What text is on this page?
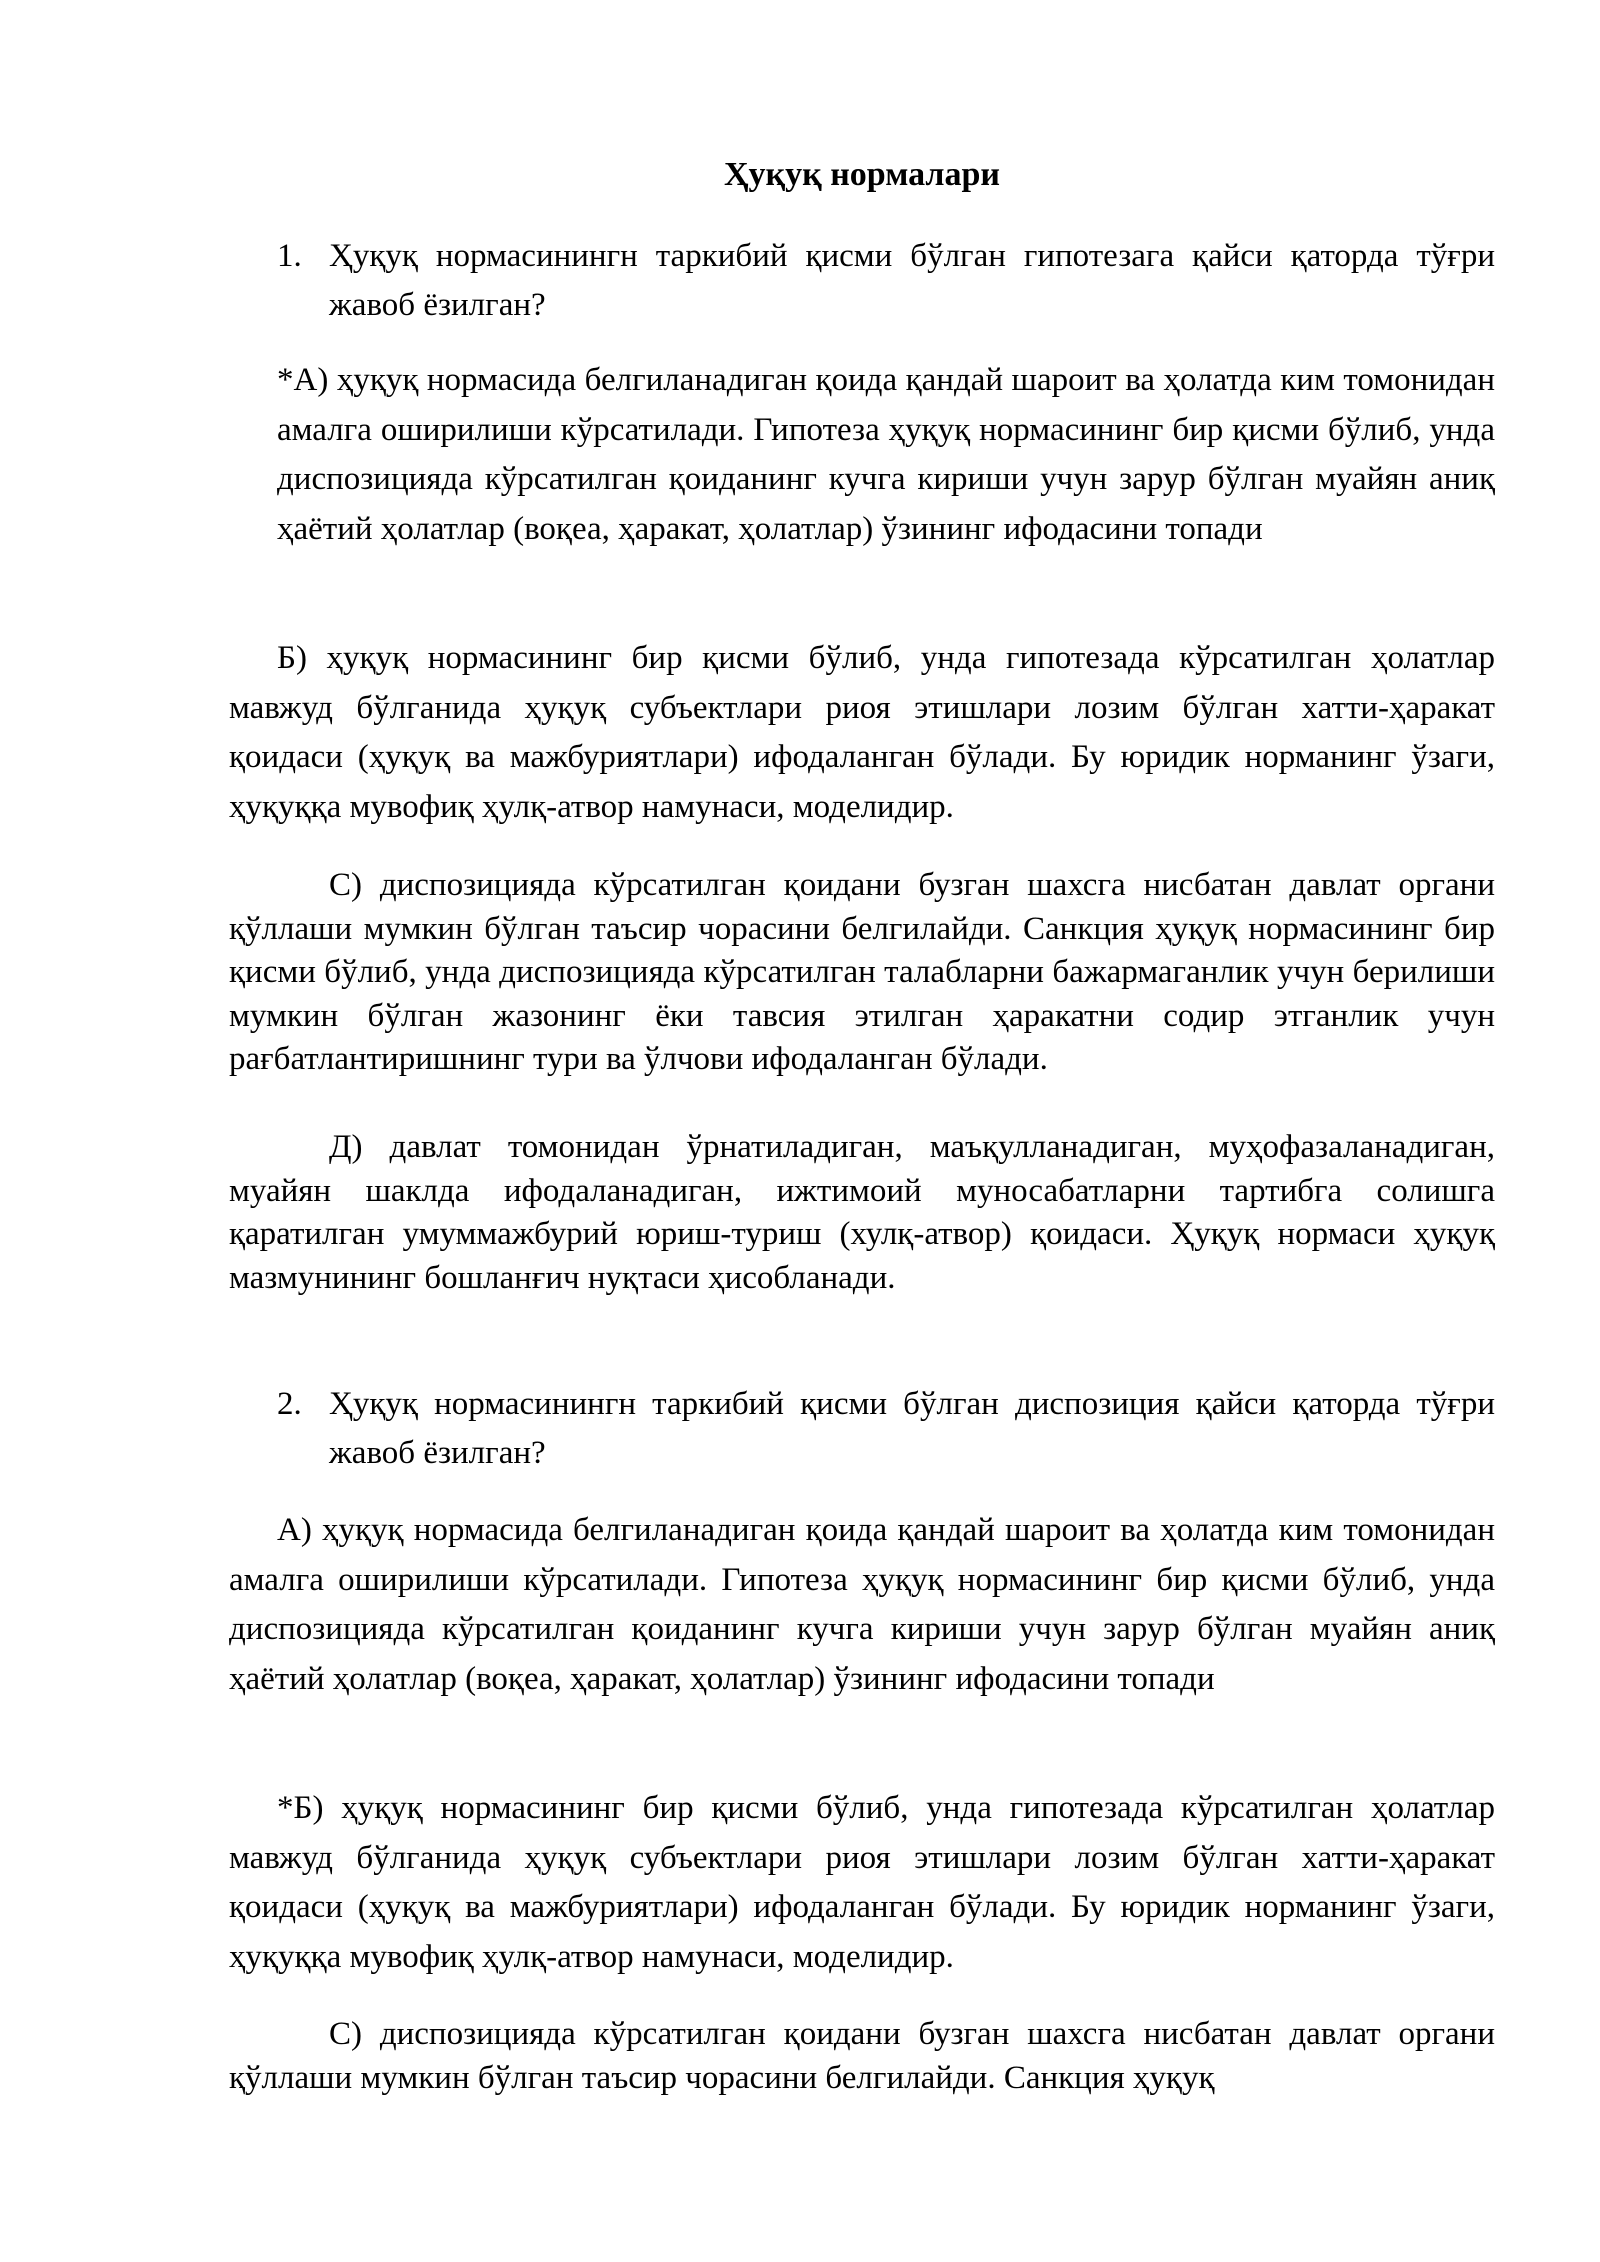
Ҳуқуқ нормалари
1. Ҳуқуқ нормасинингн таркибий қисми бўлган гипотезага қайси қаторда тўғри жавоб ёзилган?

*А) ҳуқуқ нормасида белгиланадиган қоида қандай шароит ва ҳолатда ким томонидан амалга оширилиши кўрсатилади. Гипотеза ҳуқуқ нормасининг бир қисми бўлиб, унда диспозицияда кўрсатилган қоиданинг кучга кириши учун зарур бўлган муайян аниқ ҳаётий ҳолатлар (воқеа, ҳаракат, ҳолатлар) ўзининг ифодасини топади

Б) ҳуқуқ нормасининг бир қисми бўлиб, унда гипотезада кўрсатилган ҳолатлар мавжуд бўлганида ҳуқуқ субъектлари риоя этишлари лозим бўлган хатти-ҳаракат қоидаси (ҳуқуқ ва мажбуриятлари) ифодаланган бўлади. Бу юридик норманинг ўзаги, ҳуқуққа мувофиқ ҳулқ-атвор намунаси, моделидир.

С) диспозицияда кўрсатилган қоидани бузган шахсга нисбатан давлат органи қўллаши мумкин бўлган таъсир чорасини белгилайди. Санкция ҳуқуқ нормасининг бир қисми бўлиб, унда диспозицияда кўрсатилган талабларни бажармаганлик учун берилиши мумкин бўлган жазонинг ёки тавсия этилган ҳаракатни содир этганлик учун рағбатлантиришнинг тури ва ўлчови ифодаланган бўлади.

Д) давлат томонидан ўрнатиладиган, маъқулланадиган, муҳофазаланадиган, муайян шаклда ифодаланадиган, ижтимоий муносабатларни тартибга солишга қаратилган умуммажбурий юриш-туриш (хулқ-атвор) қоидаси. Ҳуқуқ нормаси ҳуқуқ мазмунининг бошланғич нуқтаси ҳисобланади.

2. Ҳуқуқ нормасинингн таркибий қисми бўлган диспозиция қайси қаторда тўғри жавоб ёзилган?

А) ҳуқуқ нормасида белгиланадиган қоида қандай шароит ва ҳолатда ким томонидан амалга оширилиши кўрсатилади. Гипотеза ҳуқуқ нормасининг бир қисми бўлиб, унда диспозицияда кўрсатилган қоиданинг кучга кириши учун зарур бўлган муайян аниқ ҳаётий ҳолатлар (воқеа, ҳаракат, ҳолатлар) ўзининг ифодасини топади

*Б) ҳуқуқ нормасининг бир қисми бўлиб, унда гипотезада кўрсатилган ҳолатлар мавжуд бўлганида ҳуқуқ субъектлари риоя этишлари лозим бўлган хатти-ҳаракат қоидаси (ҳуқуқ ва мажбуриятлари) ифодаланган бўлади. Бу юридик норманинг ўзаги, ҳуқуққа мувофиқ ҳулқ-атвор намунаси, моделидир.

С) диспозицияда кўрсатилган қоидани бузган шахсга нисбатан давлат органи қўллаши мумкин бўлган таъсир чорасини белгилайди. Санкция ҳуқуқ
